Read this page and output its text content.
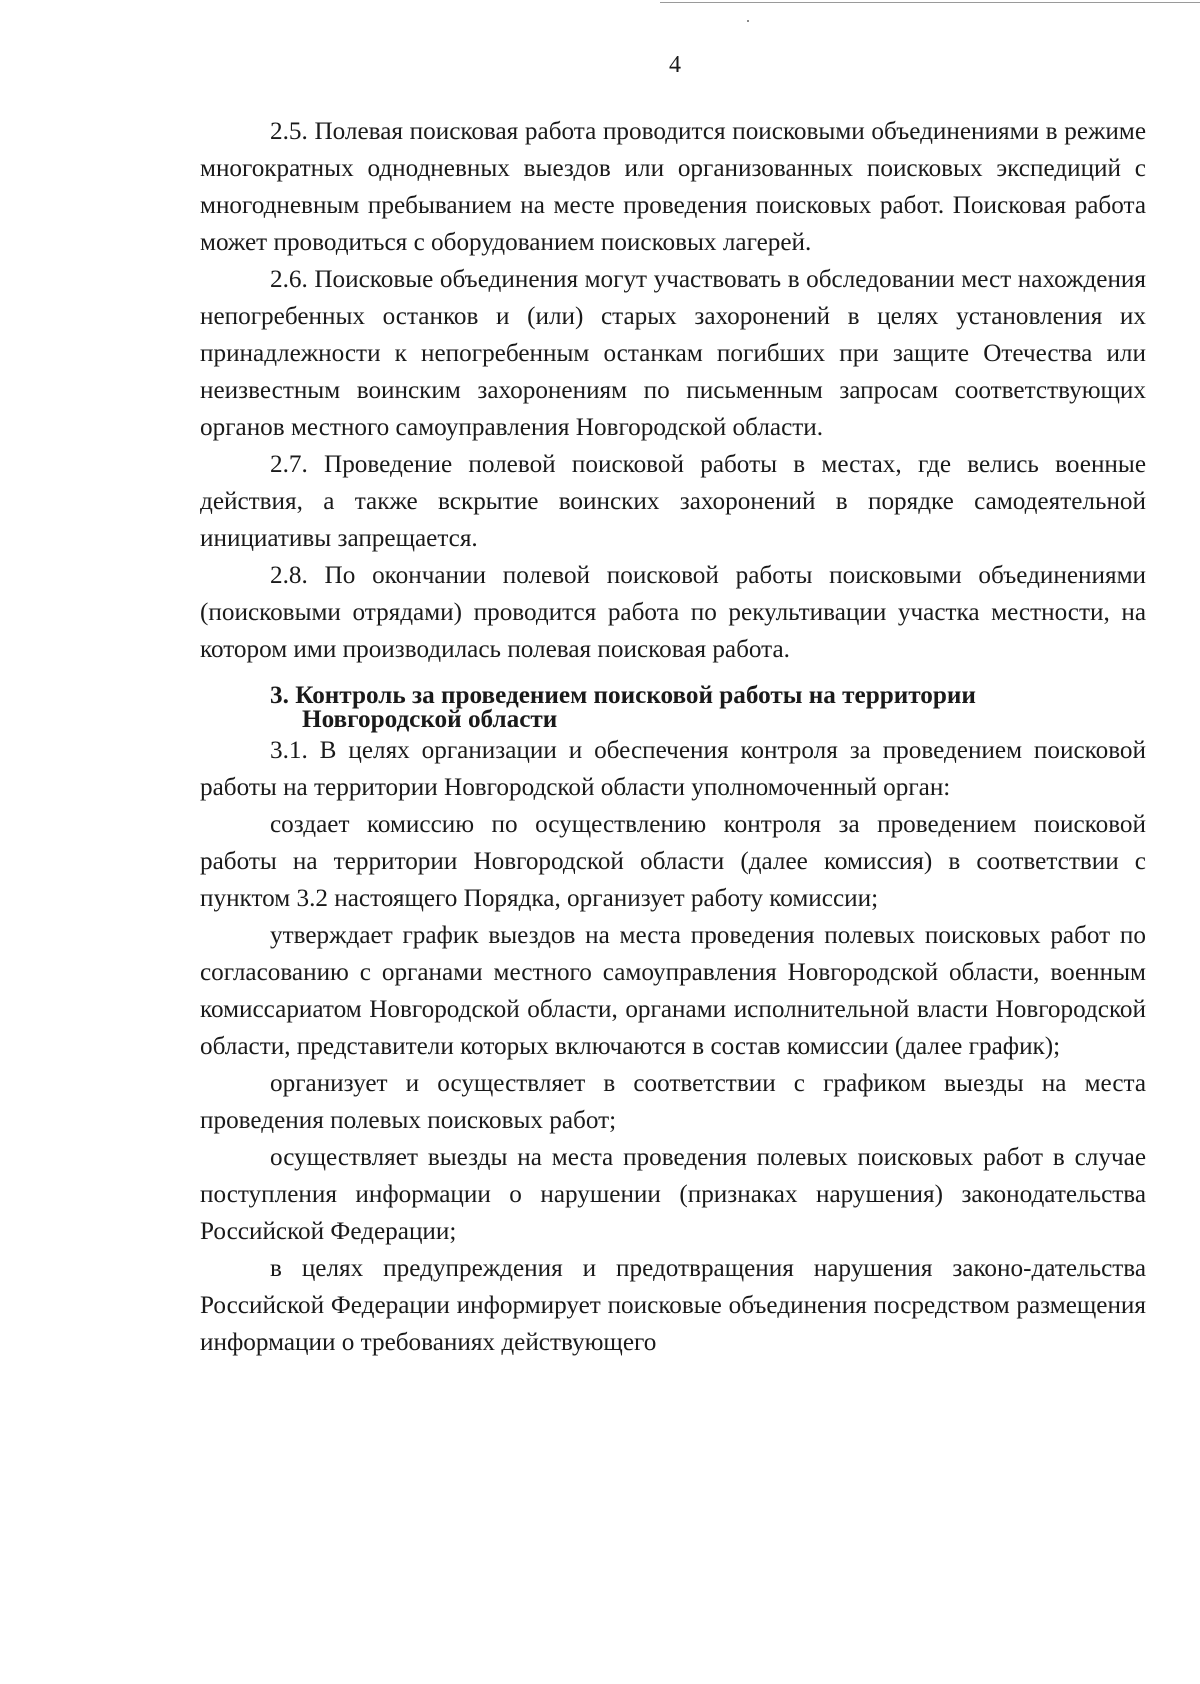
4

2.5. Полевая поисковая работа проводится поисковыми объединениями в режиме многократных однодневных выездов или организованных поисковых экспедиций с многодневным пребыванием на месте проведения поисковых работ. Поисковая работа может проводиться с оборудованием поисковых лагерей.

2.6. Поисковые объединения могут участвовать в обследовании мест нахождения непогребенных останков и (или) старых захоронений в целях установления их принадлежности к непогребенным останкам погибших при защите Отечества или неизвестным воинским захоронениям по письменным запросам соответствующих органов местного самоуправления Новгородской области.

2.7. Проведение полевой поисковой работы в местах, где велись военные действия, а также вскрытие воинских захоронений в порядке самодеятельной инициативы запрещается.

2.8. По окончании полевой поисковой работы поисковыми объединениями (поисковыми отрядами) проводится работа по рекультивации участка местности, на котором ими производилась полевая поисковая работа.

3. Контроль за проведением поисковой работы на территории
Новгородской области

3.1. В целях организации и обеспечения контроля за проведением поисковой работы на территории Новгородской области уполномоченный орган:

создает комиссию по осуществлению контроля за проведением поисковой работы на территории Новгородской области (далее комиссия) в соответствии с пунктом 3.2 настоящего Порядка, организует работу комиссии;

утверждает график выездов на места проведения полевых поисковых работ по согласованию с органами местного самоуправления Новгородской области, военным комиссариатом Новгородской области, органами исполнительной власти Новгородской области, представители которых включаются в состав комиссии (далее график);

организует и осуществляет в соответствии с графиком выезды на места проведения полевых поисковых работ;

осуществляет выезды на места проведения полевых поисковых работ в случае поступления информации о нарушении (признаках нарушения) законодательства Российской Федерации;

в целях предупреждения и предотвращения нарушения законо-дательства Российской Федерации информирует поисковые объединения посредством размещения информации о требованиях действующего
